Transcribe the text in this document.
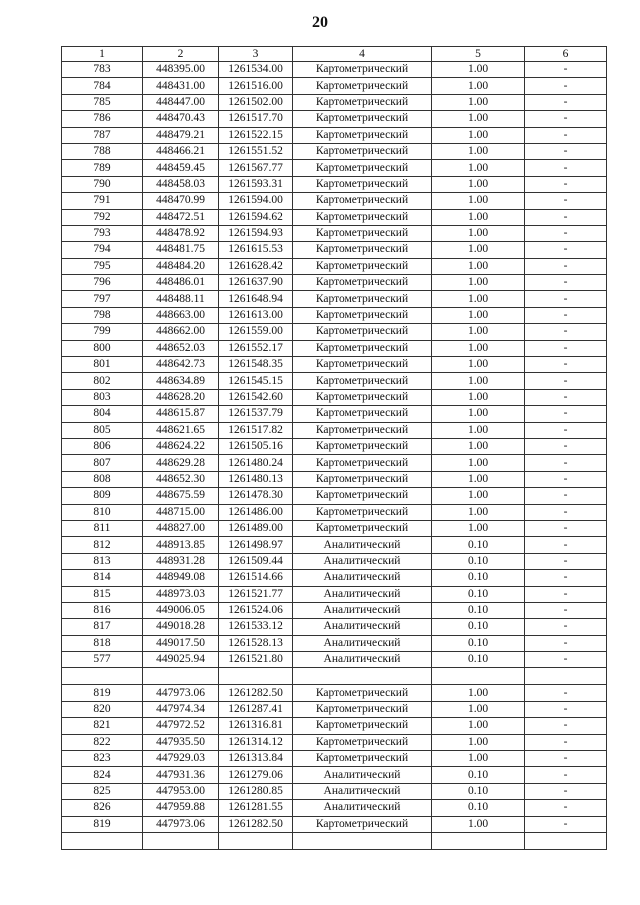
20
1	2	3	4	5	6
783	448395.00	1261534.00	Картометрический	1.00	-
784	448431.00	1261516.00	Картометрический	1.00	-
785	448447.00	1261502.00	Картометрический	1.00	-
786	448470.43	1261517.70	Картометрический	1.00	-
787	448479.21	1261522.15	Картометрический	1.00	-
788	448466.21	1261551.52	Картометрический	1.00	-
789	448459.45	1261567.77	Картометрический	1.00	-
790	448458.03	1261593.31	Картометрический	1.00	-
791	448470.99	1261594.00	Картометрический	1.00	-
792	448472.51	1261594.62	Картометрический	1.00	-
793	448478.92	1261594.93	Картометрический	1.00	-
794	448481.75	1261615.53	Картометрический	1.00	-
795	448484.20	1261628.42	Картометрический	1.00	-
796	448486.01	1261637.90	Картометрический	1.00	-
797	448488.11	1261648.94	Картометрический	1.00	-
798	448663.00	1261613.00	Картометрический	1.00	-
799	448662.00	1261559.00	Картометрический	1.00	-
800	448652.03	1261552.17	Картометрический	1.00	-
801	448642.73	1261548.35	Картометрический	1.00	-
802	448634.89	1261545.15	Картометрический	1.00	-
803	448628.20	1261542.60	Картометрический	1.00	-
804	448615.87	1261537.79	Картометрический	1.00	-
805	448621.65	1261517.82	Картометрический	1.00	-
806	448624.22	1261505.16	Картометрический	1.00	-
807	448629.28	1261480.24	Картометрический	1.00	-
808	448652.30	1261480.13	Картометрический	1.00	-
809	448675.59	1261478.30	Картометрический	1.00	-
810	448715.00	1261486.00	Картометрический	1.00	-
811	448827.00	1261489.00	Картометрический	1.00	-
812	448913.85	1261498.97	Аналитический	0.10	-
813	448931.28	1261509.44	Аналитический	0.10	-
814	448949.08	1261514.66	Аналитический	0.10	-
815	448973.03	1261521.77	Аналитический	0.10	-
816	449006.05	1261524.06	Аналитический	0.10	-
817	449018.28	1261533.12	Аналитический	0.10	-
818	449017.50	1261528.13	Аналитический	0.10	-
577	449025.94	1261521.80	Аналитический	0.10	-

819	447973.06	1261282.50	Картометрический	1.00	-
820	447974.34	1261287.41	Картометрический	1.00	-
821	447972.52	1261316.81	Картометрический	1.00	-
822	447935.50	1261314.12	Картометрический	1.00	-
823	447929.03	1261313.84	Картометрический	1.00	-
824	447931.36	1261279.06	Аналитический	0.10	-
825	447953.00	1261280.85	Аналитический	0.10	-
826	447959.88	1261281.55	Аналитический	0.10	-
819	447973.06	1261282.50	Картометрический	1.00	-
